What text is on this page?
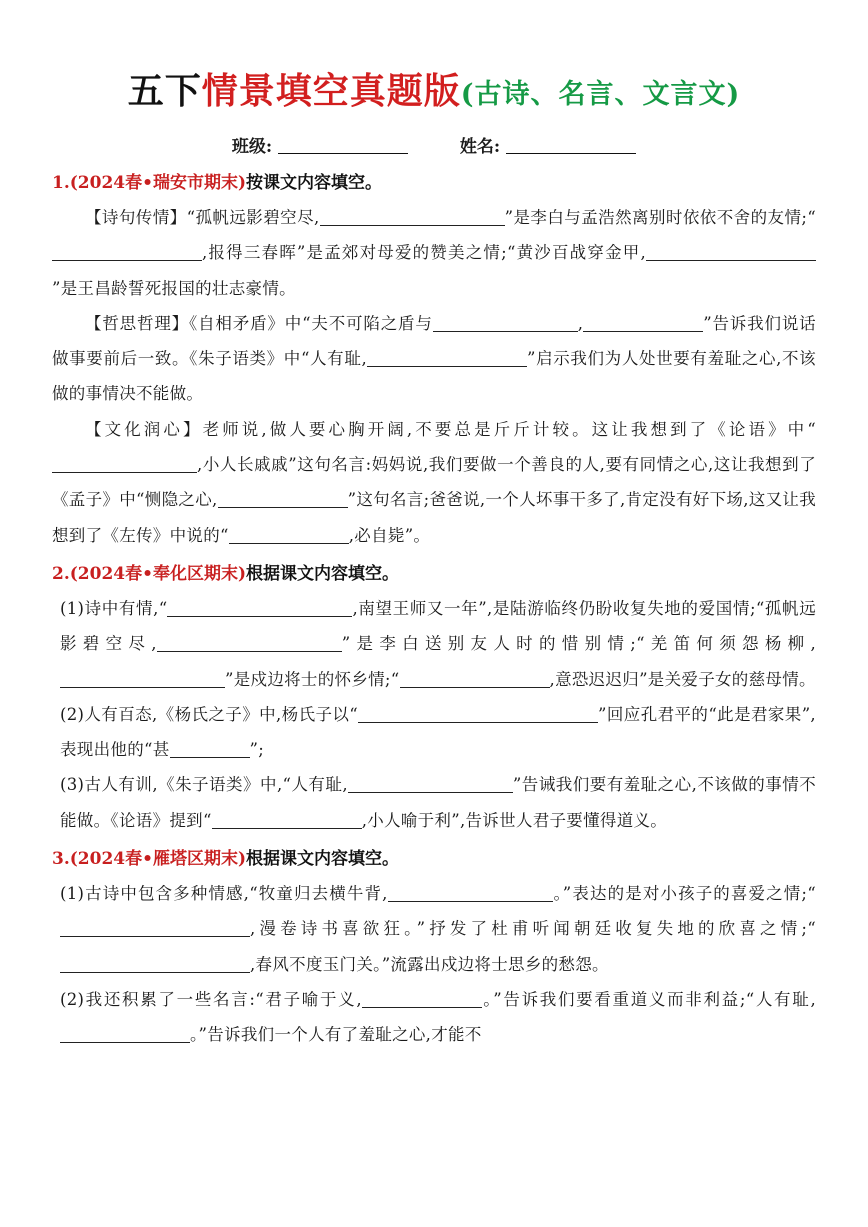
五下情景填空真题版(古诗、名言、文言文)
班级:	姓名:
1.(2024春•瑞安市期末)按课文内容填空。
【诗句传情】“孤帆远影碧空尽,	”是李白与孟浩然离别时依依不舍的友情;“,报得三春晖”是孟郊对母爱的赞美之情;“黄沙百战穿金甲,”是王昌龄誓死报国的壮志豪情。
【哲思哲理】《自相矛盾》中“夫不可陷之盾与	,	”告诉我们说话做事要前后一致。《朱子语类》中“人有耻,	”启示我们为人处世要有羞耻之心,不该做的事情决不能做。
【文化润心】老师说,做人要心胸开阔,不要总是斤斤计较。这让我想到了《论语》中“,小人长戚戚”这句名言:妈妈说,我们要做一个善良的人,要有同情之心,这让我想到了《孟子》中“恻隐之心,	”这句名言;爸爸说,一个人坏事干多了,肯定没有好下场,这又让我想到了《左传》中说的“	,必自毙”。
2.(2024春•奉化区期末)根据课文内容填空。
(1)诗中有情,“	,南望王师又一年”,是陆游临终仍盼收复失地的爱国情;“孤帆远影碧空尽,	”是李白送别友人时的惜别情;“羌笛何须怨杨柳,”是戍边将士的怀乡情;“	,意恐迟迟归”是关爱子女的慈母情。
(2)人有百态,《杨氏之子》中,杨氏子以“	”回应孔君平的“此是君家果”,表现出他的“甚	”;
(3)古人有训,《朱子语类》中,“人有耻,	”告诫我们要有羞耻之心,不该做的事情不能做。《论语》提到“	,小人喻于利”,告诉世人君子要懂得道义。
3.(2024春•雁塔区期末)根据课文内容填空。
(1)古诗中包含多种情感,“牧童归去横牛背,	。”表达的是对小孩子的喜爱之情;“,漫卷诗书喜欲狂。”抒发了杜甫听闻朝廷收复失地的欣喜之情;“,春风不度玉门关。”流露出戍边将士思乡的愁怨。
(2)我还积累了一些名言:“君子喻于义,	。”告诉我们要看重道义而非利益;“人有耻,。”告诉我们一个人有了羞耻之心,才能不
